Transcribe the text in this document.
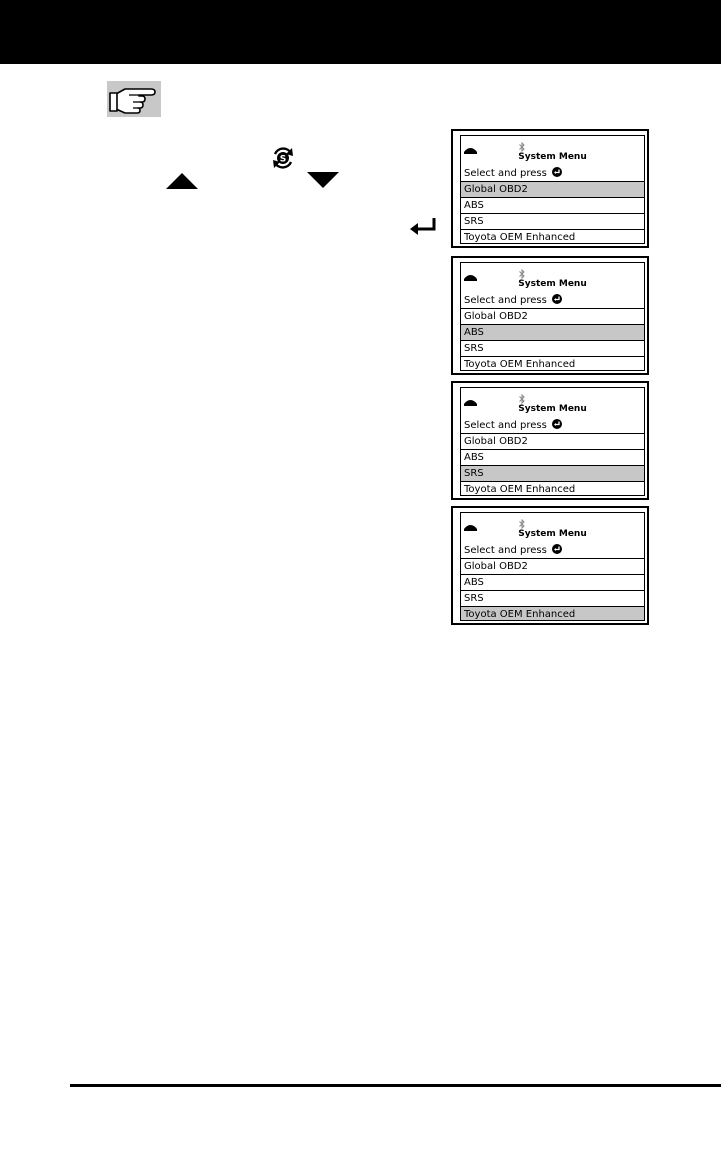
S	System Menu
Select and press
Global OBD2
ABS
SRS
Toyota OEM Enhanced
System Menu
Select and press
Global OBD2
ABS
SRS
Toyota OEM Enhanced
System Menu
Select and press
Global OBD2
ABS
SRS
Toyota OEM Enhanced
System Menu
Select and press
Global OBD2
ABS
SRS
Toyota OEM Enhanced
